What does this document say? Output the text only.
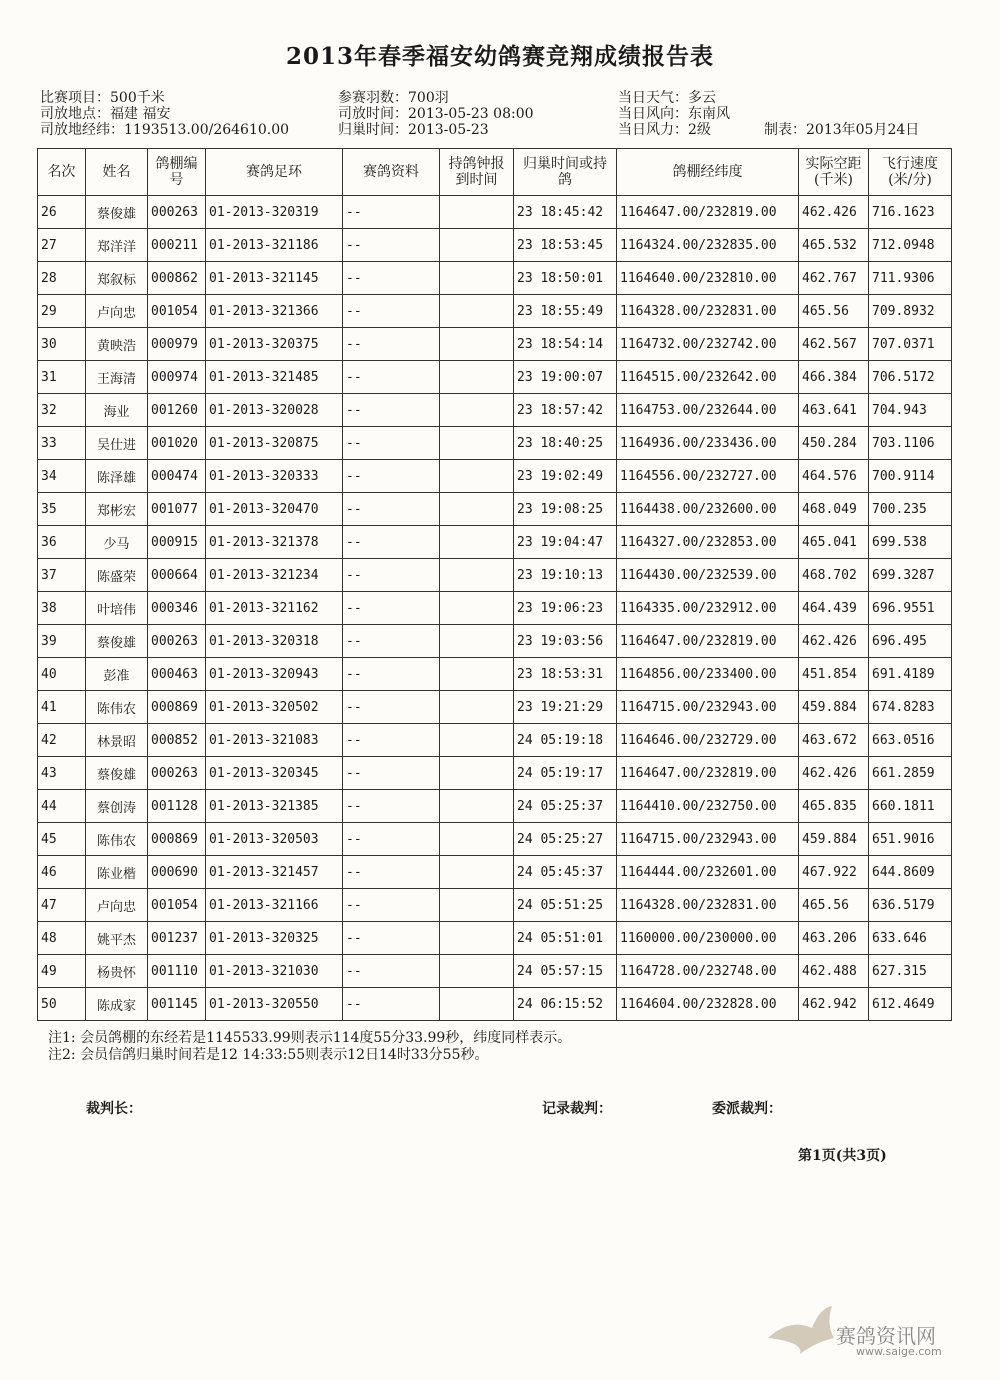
2013年春季福安幼鸽赛竞翔成绩报告表
比赛项目：500千米
司放地点：福建 福安
司放地经纬：1193513.00/264610.00
参赛羽数：700羽
司放时间：2013-05-23 08:00
归巢时间：2013-05-23
当日天气：多云
当日风向：东南风
当日风力：2级	制表：2013年05月24日
名次	姓名	鸽棚编号	赛鸽足环	赛鸽资料	持鸽钟报到时间	归巢时间或持鸽	鸽棚经纬度	实际空距(千米)	飞行速度(米/分)
26	蔡俊雄	000263	01-2013-320319	--		23 18:45:42	1164647.00/232819.00	462.426	716.1623
27	郑洋洋	000211	01-2013-321186	--		23 18:53:45	1164324.00/232835.00	465.532	712.0948
28	郑叙标	000862	01-2013-321145	--		23 18:50:01	1164640.00/232810.00	462.767	711.9306
29	卢向忠	001054	01-2013-321366	--		23 18:55:49	1164328.00/232831.00	465.56	709.8932
30	黄映浩	000979	01-2013-320375	--		23 18:54:14	1164732.00/232742.00	462.567	707.0371
31	王海清	000974	01-2013-321485	--		23 19:00:07	1164515.00/232642.00	466.384	706.5172
32	海业	001260	01-2013-320028	--		23 18:57:42	1164753.00/232644.00	463.641	704.943
33	吴仕进	001020	01-2013-320875	--		23 18:40:25	1164936.00/233436.00	450.284	703.1106
34	陈泽雄	000474	01-2013-320333	--		23 19:02:49	1164556.00/232727.00	464.576	700.9114
35	郑彬宏	001077	01-2013-320470	--		23 19:08:25	1164438.00/232600.00	468.049	700.235
36	少马	000915	01-2013-321378	--		23 19:04:47	1164327.00/232853.00	465.041	699.538
37	陈盛荣	000664	01-2013-321234	--		23 19:10:13	1164430.00/232539.00	468.702	699.3287
38	叶培伟	000346	01-2013-321162	--		23 19:06:23	1164335.00/232912.00	464.439	696.9551
39	蔡俊雄	000263	01-2013-320318	--		23 19:03:56	1164647.00/232819.00	462.426	696.495
40	彭准	000463	01-2013-320943	--		23 18:53:31	1164856.00/233400.00	451.854	691.4189
41	陈伟农	000869	01-2013-320502	--		23 19:21:29	1164715.00/232943.00	459.884	674.8283
42	林景昭	000852	01-2013-321083	--		24 05:19:18	1164646.00/232729.00	463.672	663.0516
43	蔡俊雄	000263	01-2013-320345	--		24 05:19:17	1164647.00/232819.00	462.426	661.2859
44	蔡创涛	001128	01-2013-321385	--		24 05:25:37	1164410.00/232750.00	465.835	660.1811
45	陈伟农	000869	01-2013-320503	--		24 05:25:27	1164715.00/232943.00	459.884	651.9016
46	陈业楷	000690	01-2013-321457	--		24 05:45:37	1164444.00/232601.00	467.922	644.8609
47	卢向忠	001054	01-2013-321166	--		24 05:51:25	1164328.00/232831.00	465.56	636.5179
48	姚平杰	001237	01-2013-320325	--		24 05:51:01	1160000.00/230000.00	463.206	633.646
49	杨贵怀	001110	01-2013-321030	--		24 05:57:15	1164728.00/232748.00	462.488	627.315
50	陈成家	001145	01-2013-320550	--		24 06:15:52	1164604.00/232828.00	462.942	612.4649
注1: 会员鸽棚的东经若是1145533.99则表示114度55分33.99秒，纬度同样表示。
注2: 会员信鸽归巢时间若是12 14:33:55则表示12日14时33分55秒。
裁判长：	记录裁判：	委派裁判：
第1页(共3页)
赛鸽资讯网
www.saige.com
